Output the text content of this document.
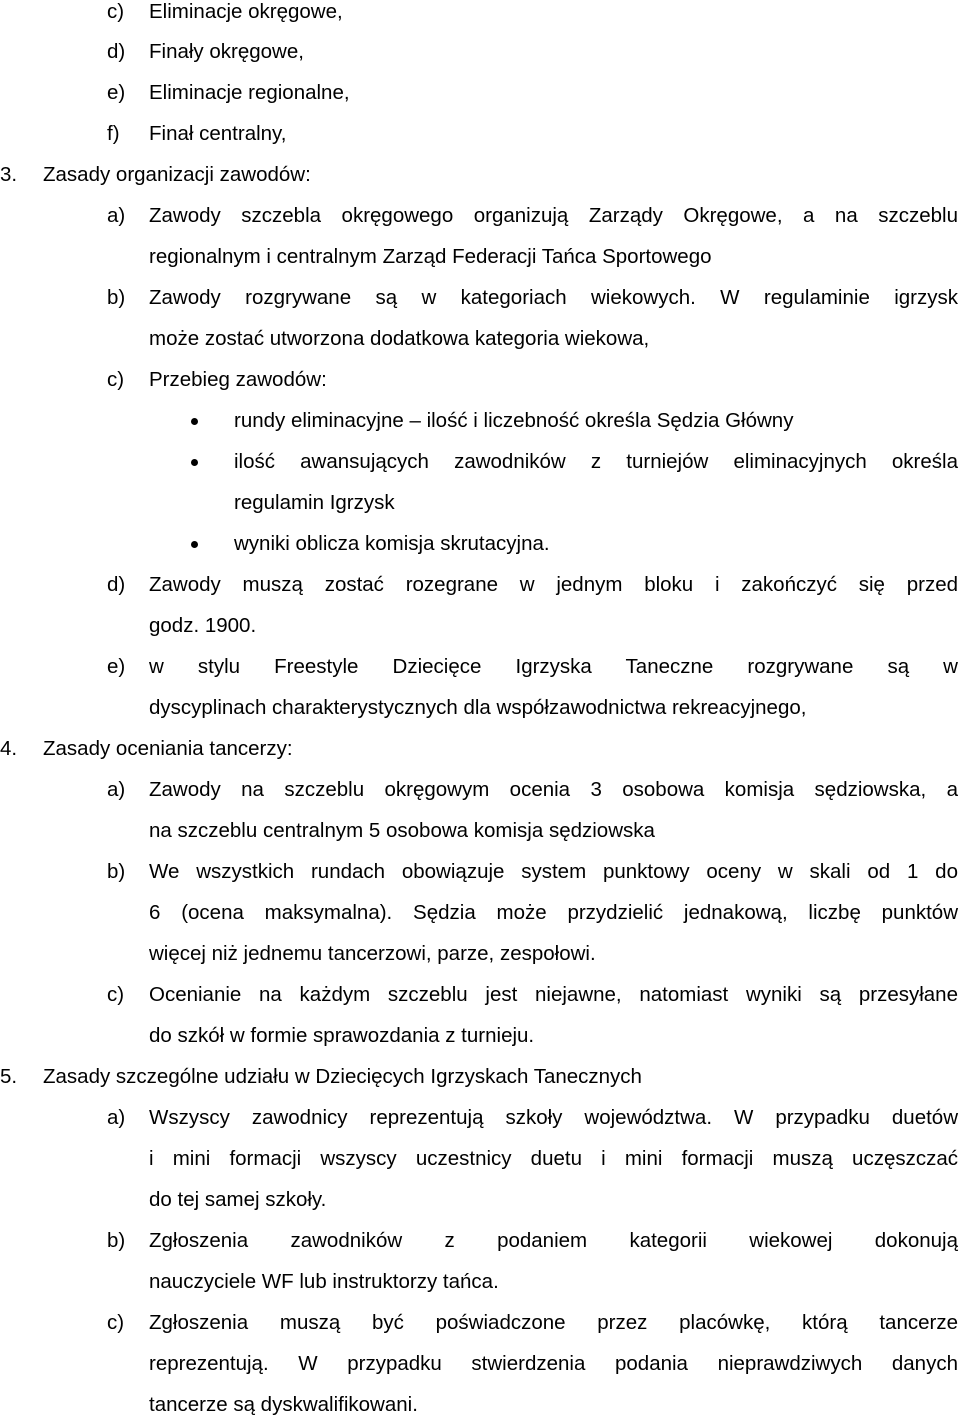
c) Eliminacje okręgowe,
d) Finały okręgowe,
e) Eliminacje regionalne,
f) Finał centralny,
3. Zasady organizacji zawodów:
a) Zawody szczebla okręgowego organizują Zarządy Okręgowe, a na szczeblu
regionalnym i centralnym Zarząd Federacji Tańca Sportowego
b) Zawody rozgrywane są w kategoriach wiekowych. W regulaminie igrzysk
może zostać utworzona dodatkowa kategoria wiekowa,
c) Przebieg zawodów:
rundy eliminacyjne – ilość i liczebność określa Sędzia Główny
ilość awansujących zawodników z turniejów eliminacyjnych określa
regulamin Igrzysk
wyniki oblicza komisja skrutacyjna.
d) Zawody muszą zostać rozegrane w jednym bloku i zakończyć się przed
godz. 1900.
e) w stylu Freestyle Dziecięce Igrzyska Taneczne rozgrywane są w
dyscyplinach charakterystycznych dla współzawodnictwa rekreacyjnego,
4. Zasady oceniania tancerzy:
a) Zawody na szczeblu okręgowym ocenia 3 osobowa komisja sędziowska, a
na szczeblu centralnym 5 osobowa komisja sędziowska
b) We wszystkich rundach obowiązuje system punktowy oceny w skali od 1 do
6 (ocena maksymalna). Sędzia może przydzielić jednakową, liczbę punktów
więcej niż jednemu tancerzowi, parze, zespołowi.
c) Ocenianie na każdym szczeblu jest niejawne, natomiast wyniki są przesyłane
do szkół w formie sprawozdania z turnieju.
5. Zasady szczególne udziału w Dziecięcych Igrzyskach Tanecznych
a) Wszyscy zawodnicy reprezentują szkoły województwa. W przypadku duetów
i mini formacji wszyscy uczestnicy duetu i mini formacji muszą uczęszczać
do tej samej szkoły.
b) Zgłoszenia zawodników z podaniem kategorii wiekowej dokonują
nauczyciele WF lub instruktorzy tańca.
c) Zgłoszenia muszą być poświadczone przez placówkę, którą tancerze
reprezentują. W przypadku stwierdzenia podania nieprawdziwych danych
tancerze są dyskwalifikowani.
